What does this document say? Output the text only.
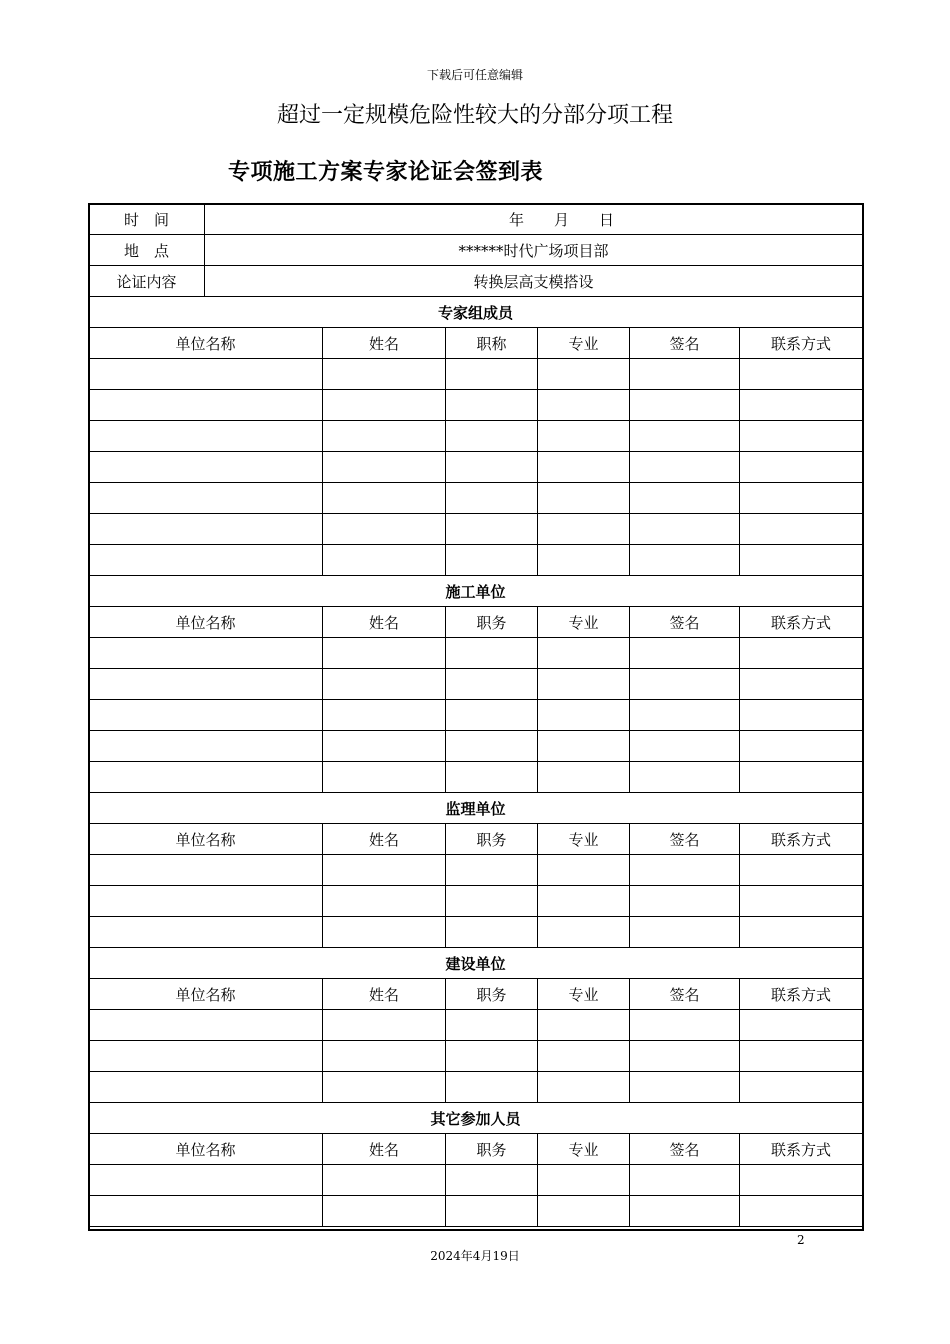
下载后可任意编辑
超过一定规模危险性较大的分部分项工程
专项施工方案专家论证会签到表
时　间	年　　月　　日					
地　点	******时代广场项目部					
论证内容	转换层高支模搭设					
专家组成员						
单位名称		姓名	职称	专业	签名	联系方式

施工单位						
单位名称		姓名	职务	专业	签名	联系方式

监理单位						
单位名称		姓名	职务	专业	签名	联系方式

建设单位						
单位名称		姓名	职务	专业	签名	联系方式

其它参加人员						
单位名称		姓名	职务	专业	签名	联系方式

2
2024年4月19日
